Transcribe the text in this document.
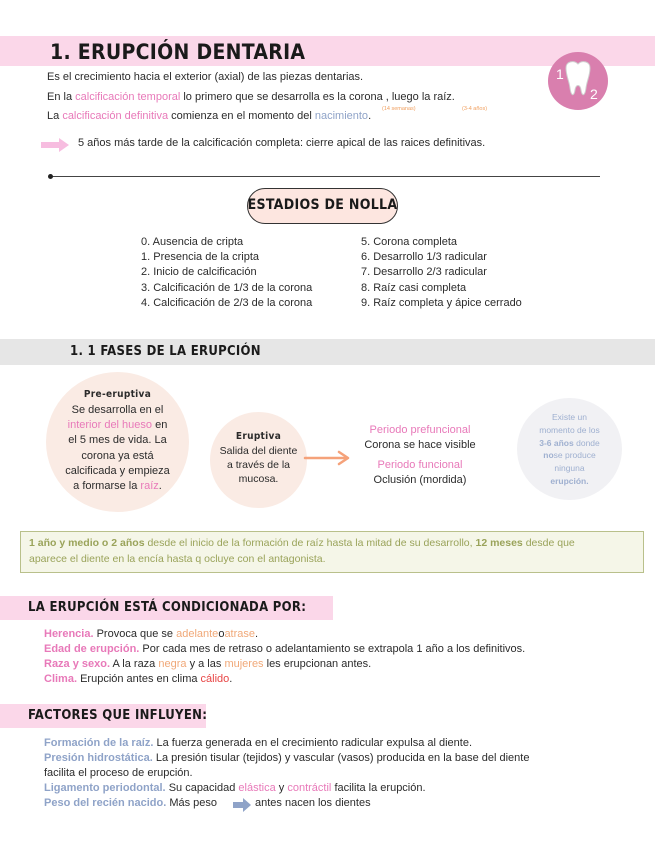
1. ERUPCIÓN DENTARIA
1
2
Es el crecimiento hacia el exterior (axial) de las piezas dentarias.
En la calcificación temporal lo primero que se desarrolla es la corona , luego la raíz.
(14 semanas)	(3-4 años)
La calcificación definitiva comienza en el momento del nacimiento.
5 años más tarde de la calcificación completa: cierre apical de las raices definitivas.
ESTADIOS DE NOLLA
0. Ausencia de cripta
1. Presencia de la cripta
2. Inicio de calcificación
3. Calcificación de 1/3 de la corona
4. Calcificación de 2/3 de la corona
5. Corona completa
6. Desarrollo 1/3 radicular
7. Desarrollo 2/3 radicular
8. Raíz casi completa
9. Raíz completa y ápice cerrado
1. 1 FASES DE LA ERUPCIÓN
Pre-eruptiva
Se desarrolla en el
interior del hueso en
el 5 mes de vida. La
corona ya está
calcificada y empieza
a formarse la raíz.
Eruptiva
Salida del diente
a través de la
mucosa.
Periodo prefuncional
Corona se hace visible
Periodo funcional
Oclusión (mordida)
Existe un
momento de los
3-6 años donde
nose produce
ninguna
erupción.
1 año y medio o 2 años desde el inicio de la formación de raíz hasta la mitad de su desarrollo, 12 meses desde que
aparece el diente en la encía hasta q ocluye con el antagonista.
LA ERUPCIÓN ESTÁ CONDICIONADA POR:
Herencia. Provoca que se adelanteoatrase.
Edad de erupción. Por cada mes de retraso o adelantamiento se extrapola 1 año a los definitivos.
Raza y sexo. A la raza negra y a las mujeres les erupcionan antes.
Clima. Erupción antes en clima cálido.
FACTORES QUE INFLUYEN:
Formación de la raíz. La fuerza generada en el crecimiento radicular expulsa al diente.
Presión hidrostática. La presión tisular (tejidos) y vascular (vasos) producida en la base del diente
facilita el proceso de erupción.
Ligamento periodontal. Su capacidad elástica y contráctil facilita la erupción.
Peso del recién nacido. Más peso	antes nacen los dientes
